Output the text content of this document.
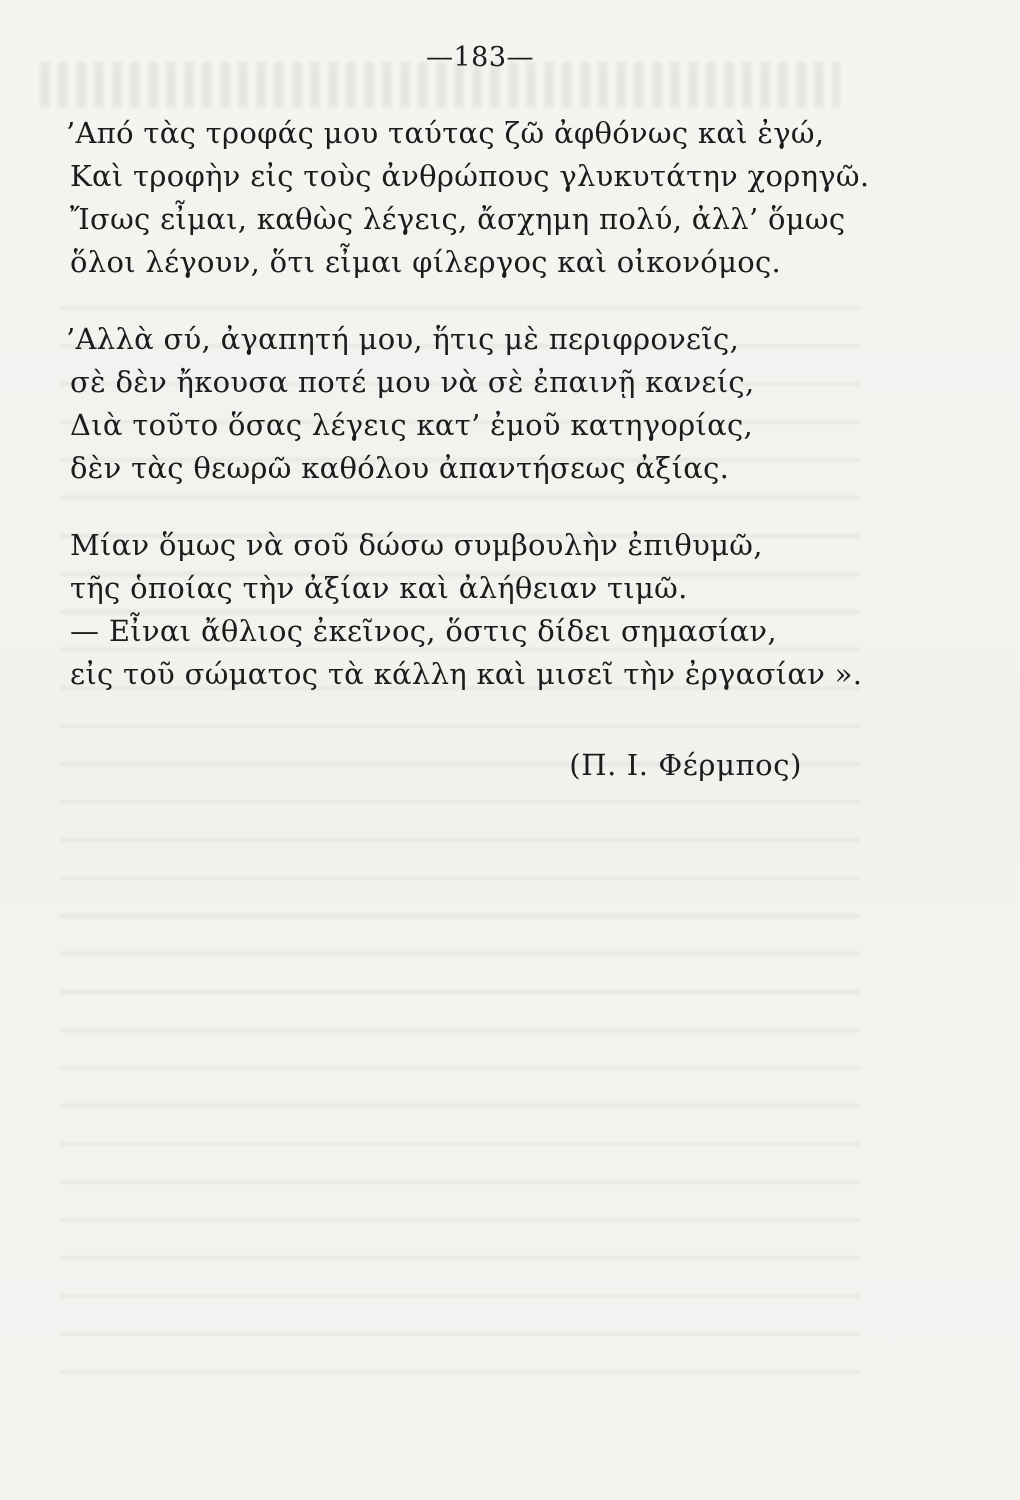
—183—
’Από τὰς τροφάς μου ταύτας ζῶ ἀφθόνως καὶ ἐγώ,
Καὶ τροφὴν εἰς τοὺς ἀνθρώπους γλυκυτάτην χορηγῶ.
Ἴσως εἶμαι, καθὼς λέγεις, ἄσχημη πολύ, ἀλλ’ ὅμως
ὅλοι λέγουν, ὅτι εἶμαι φίλεργος καὶ οἰκονόμος.
’Αλλὰ σύ, ἀγαπητή μου, ἥτις μὲ περιφρονεῖς,
σὲ δὲν ἤκουσα ποτέ μου νὰ σὲ ἐπαινῇ κανείς,
Διὰ τοῦτο ὅσας λέγεις κατ’ ἐμοῦ κατηγορίας,
δὲν τὰς θεωρῶ καθόλου ἀπαντήσεως ἀξίας.
Μίαν ὅμως νὰ σοῦ δώσω συμβουλὴν ἐπιθυμῶ,
τῆς ὁποίας τὴν ἀξίαν καὶ ἀλήθειαν τιμῶ.
— Εἶναι ἄθλιος ἐκεῖνος, ὅστις δίδει σημασίαν,
εἰς τοῦ σώματος τὰ κάλλη καὶ μισεῖ τὴν ἐργασίαν ».
(Π. Ι. Φέρμπος)
